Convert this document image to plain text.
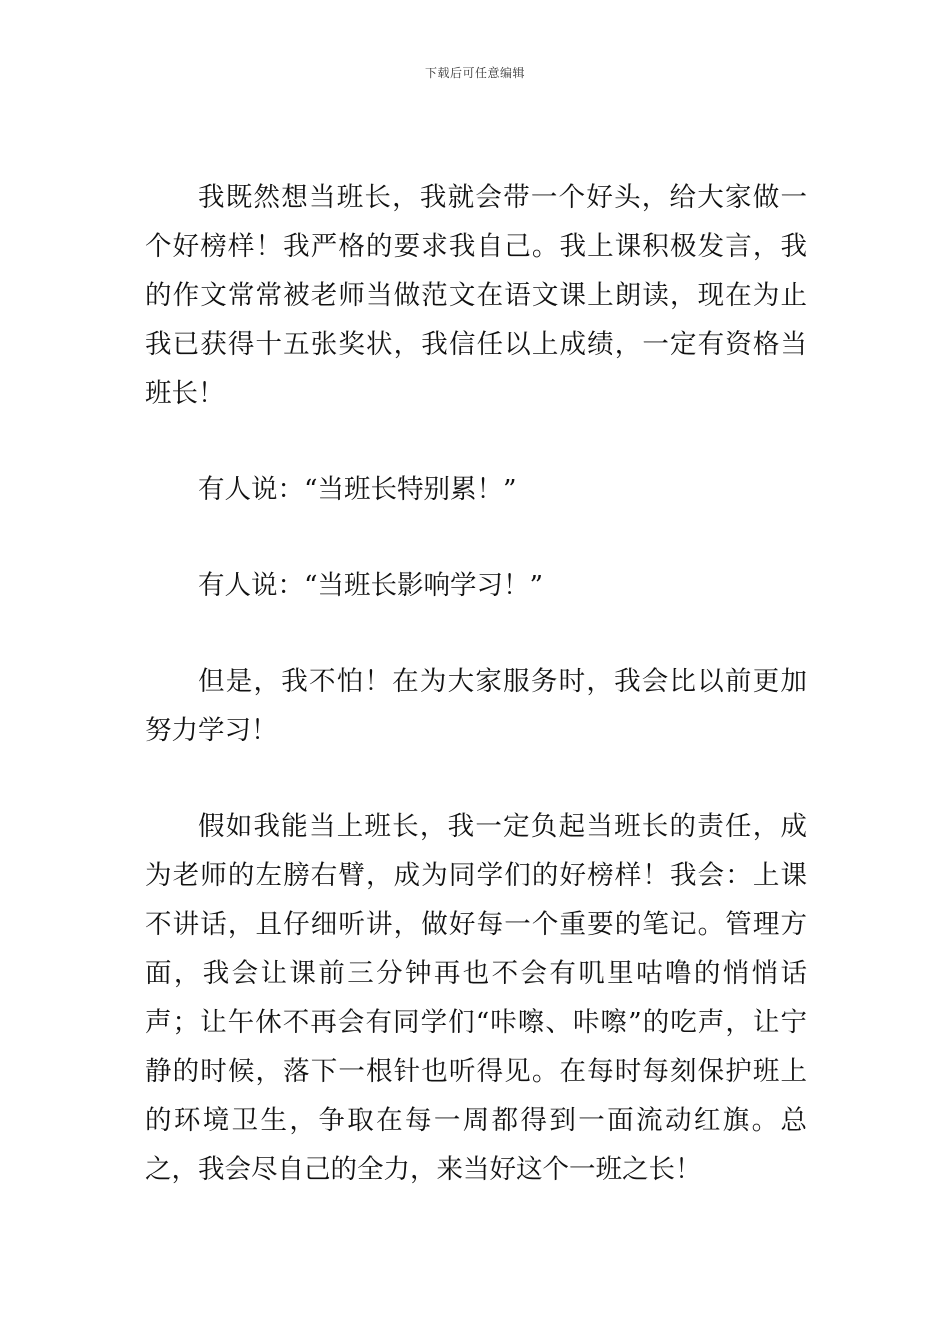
下载后可任意编辑

我既然想当班长，我就会带一个好头，给大家做一个好榜样！我严格的要求我自己。我上课积极发言，我的作文常常被老师当做范文在语文课上朗读，现在为止我已获得十五张奖状，我信任以上成绩，一定有资格当班长！

有人说：“当班长特别累！”

有人说：“当班长影响学习！”

但是，我不怕！在为大家服务时，我会比以前更加努力学习！

假如我能当上班长，我一定负起当班长的责任，成为老师的左膀右臂，成为同学们的好榜样！我会：上课不讲话，且仔细听讲，做好每一个重要的笔记。管理方面，我会让课前三分钟再也不会有叽里咕噜的悄悄话声；让午休不再会有同学们“咔嚓、咔嚓”的吃声，让宁静的时候，落下一根针也听得见。在每时每刻保护班上的环境卫生，争取在每一周都得到一面流动红旗。总之，我会尽自己的全力，来当好这个一班之长！
